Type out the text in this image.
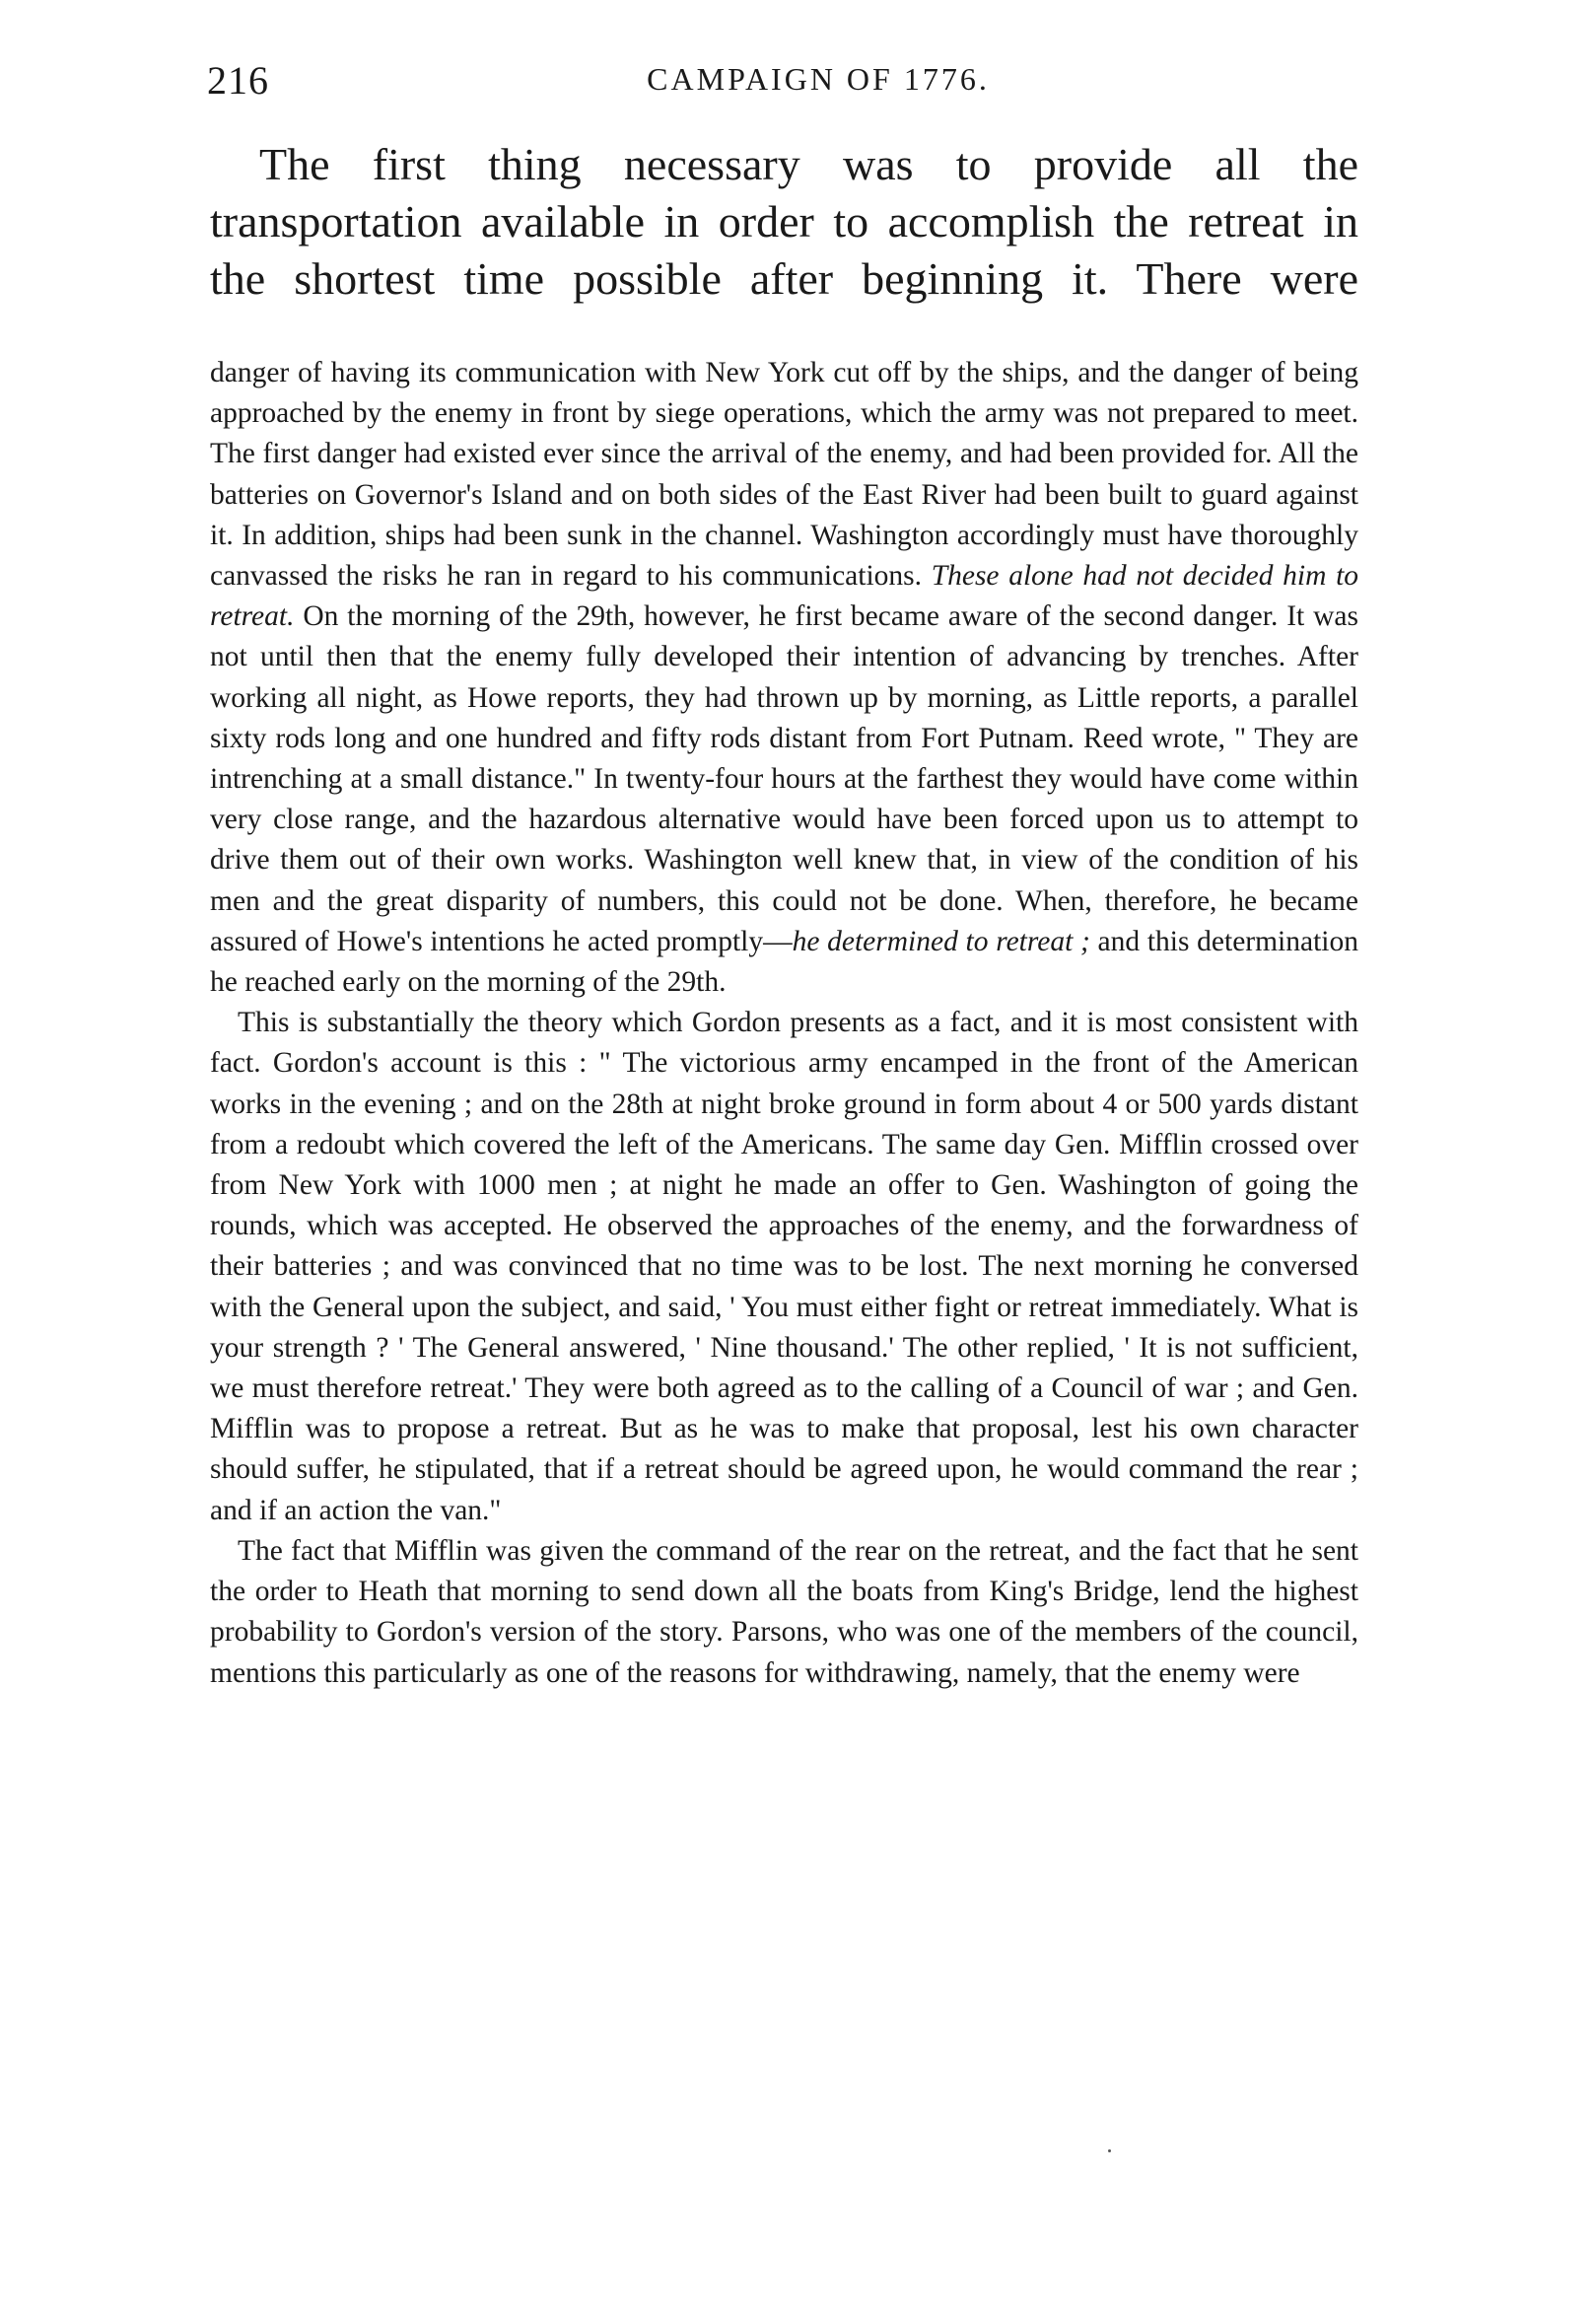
216	CAMPAIGN OF 1776.

The first thing necessary was to provide all the transportation available in order to accomplish the retreat in the shortest time possible after beginning it. There were

danger of having its communication with New York cut off by the ships, and the danger of being approached by the enemy in front by siege operations, which the army was not prepared to meet. The first danger had existed ever since the arrival of the enemy, and had been provided for. All the batteries on Governor's Island and on both sides of the East River had been built to guard against it. In addition, ships had been sunk in the channel. Washington accordingly must have thoroughly canvassed the risks he ran in regard to his communications. These alone had not decided him to retreat. On the morning of the 29th, however, he first became aware of the second danger. It was not until then that the enemy fully developed their intention of advancing by trenches. After working all night, as Howe reports, they had thrown up by morning, as Little reports, a parallel sixty rods long and one hundred and fifty rods distant from Fort Putnam. Reed wrote, " They are intrenching at a small distance." In twenty-four hours at the farthest they would have come within very close range, and the hazardous alternative would have been forced upon us to attempt to drive them out of their own works. Washington well knew that, in view of the condition of his men and the great disparity of numbers, this could not be done. When, therefore, he became assured of Howe's intentions he acted promptly—he determined to retreat ; and this determination he reached early on the morning of the 29th.

This is substantially the theory which Gordon presents as a fact, and it is most consistent with fact. Gordon's account is this : " The victorious army encamped in the front of the American works in the evening ; and on the 28th at night broke ground in form about 4 or 500 yards distant from a redoubt which covered the left of the Americans. The same day Gen. Mifflin crossed over from New York with 1000 men ; at night he made an offer to Gen. Washington of going the rounds, which was accepted. He observed the approaches of the enemy, and the forwardness of their batteries ; and was convinced that no time was to be lost. The next morning he conversed with the General upon the subject, and said, ' You must either fight or retreat immediately. What is your strength ? ' The General answered, ' Nine thousand.' The other replied, ' It is not sufficient, we must therefore retreat.' They were both agreed as to the calling of a Council of war ; and Gen. Mifflin was to propose a retreat. But as he was to make that proposal, lest his own character should suffer, he stipulated, that if a retreat should be agreed upon, he would command the rear ; and if an action the van."

The fact that Mifflin was given the command of the rear on the retreat, and the fact that he sent the order to Heath that morning to send down all the boats from King's Bridge, lend the highest probability to Gordon's version of the story. Parsons, who was one of the members of the council, mentions this particularly as one of the reasons for withdrawing, namely, that the enemy were
